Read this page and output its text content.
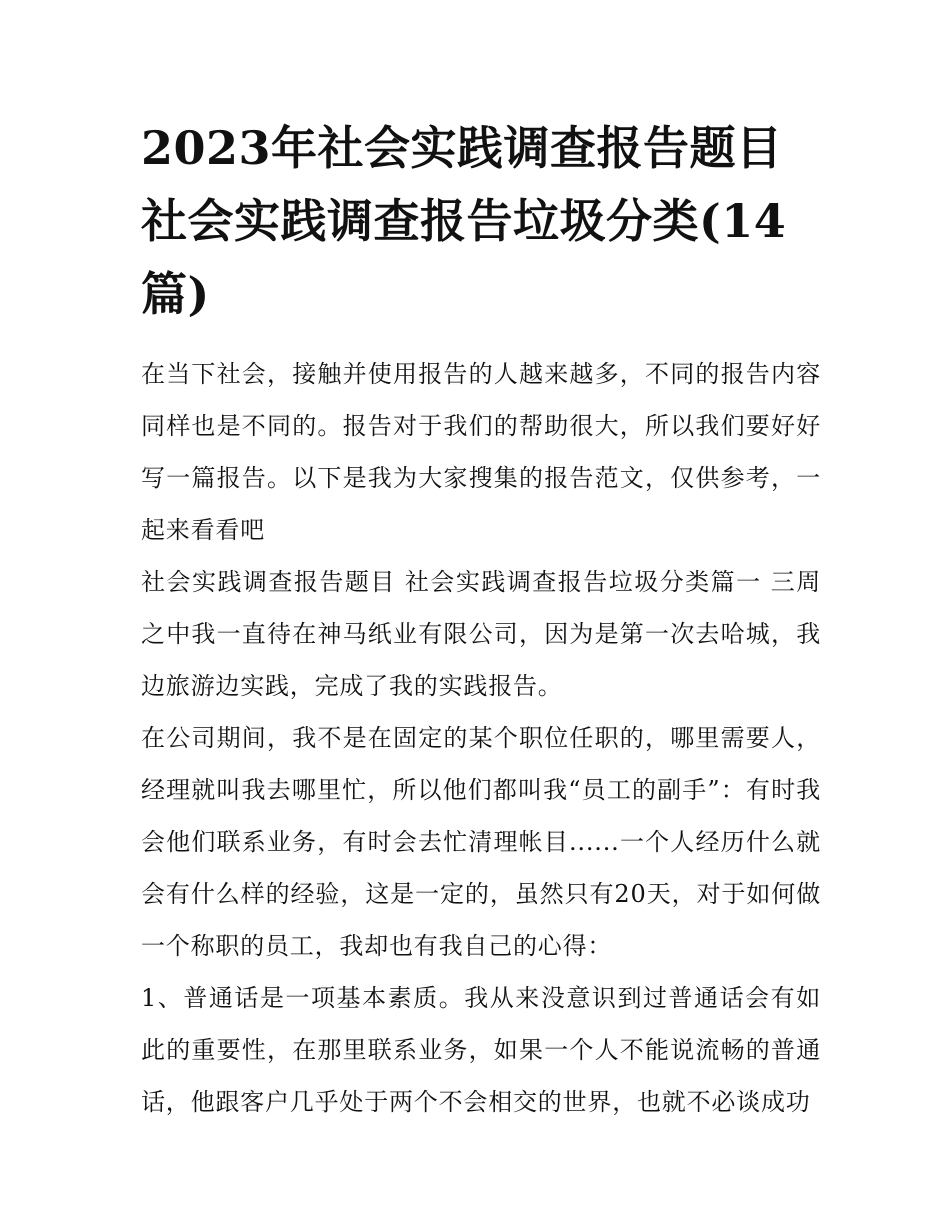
2023年社会实践调查报告题目 社会实践调查报告垃圾分类(14篇)

在当下社会，接触并使用报告的人越来越多，不同的报告内容同样也是不同的。报告对于我们的帮助很大，所以我们要好好写一篇报告。以下是我为大家搜集的报告范文，仅供参考，一起来看看吧

社会实践调查报告题目 社会实践调查报告垃圾分类篇一 三周之中我一直待在神马纸业有限公司，因为是第一次去哈城，我边旅游边实践，完成了我的实践报告。

在公司期间，我不是在固定的某个职位任职的，哪里需要人，经理就叫我去哪里忙，所以他们都叫我“员工的副手”：有时我会他们联系业务，有时会去忙清理帐目......一个人经历什么就会有什么样的经验，这是一定的，虽然只有20天，对于如何做一个称职的员工，我却也有我自己的心得：

1、普通话是一项基本素质。我从来没意识到过普通话会有如此的重要性，在那里联系业务，如果一个人不能说流畅的普通话，他跟客户几乎处于两个不会相交的世界，也就不必谈成功
